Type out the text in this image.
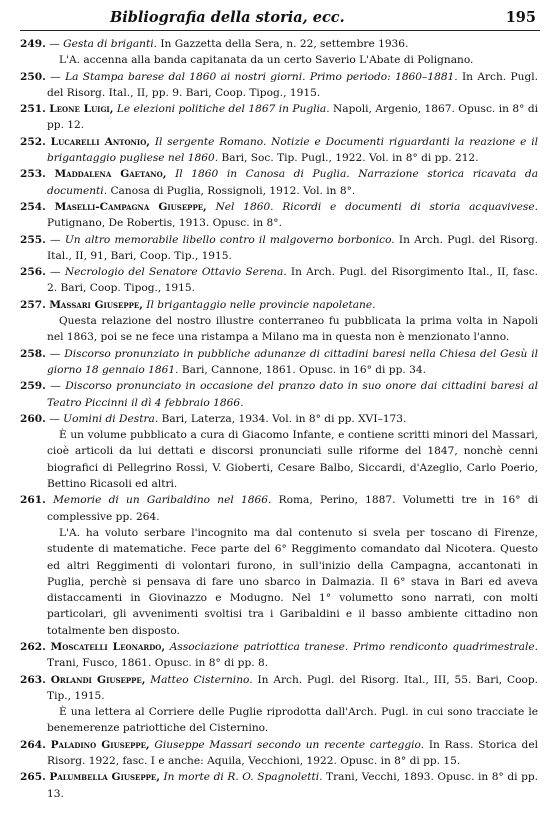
Bibliografia della storia, ecc.	195

249. — Gesta di briganti. In Gazzetta della Sera, n. 22, settembre 1936.

L'A. accenna alla banda capitanata da un certo Saverio L'Abate di Polignano.

250. — La Stampa barese dal 1860 ai nostri giorni. Primo periodo: 1860–1881. In Arch. Pugl. del Risorg. Ital., II, pp. 9. Bari, Coop. Tipog., 1915.

251. Leone Luigi, Le elezioni politiche del 1867 in Puglia. Napoli, Argenio, 1867. Opusc. in 8° di pp. 12.

252. Lucarelli Antonio, Il sergente Romano. Notizie e Documenti riguardanti la reazione e il brigantaggio pugliese nel 1860. Bari, Soc. Tip. Pugl., 1922. Vol. in 8° di pp. 212.

253. Maddalena Gaetano, Il 1860 in Canosa di Puglia. Narrazione storica ricavata da documenti. Canosa di Puglia, Rossignoli, 1912. Vol. in 8°.

254. Maselli-Campagna Giuseppe, Nel 1860. Ricordi e documenti di storia acquavivese. Putignano, De Robertis, 1913. Opusc. in 8°.

255. — Un altro memorabile libello contro il malgoverno borbonico. In Arch. Pugl. del Risorg. Ital., II, 91, Bari, Coop. Tip., 1915.

256. — Necrologio del Senatore Ottavio Serena. In Arch. Pugl. del Risorgimento Ital., II, fasc. 2. Bari, Coop. Tipog., 1915.

257. Massari Giuseppe, Il brigantaggio nelle provincie napoletane.

Questa relazione del nostro illustre conterraneo fu pubblicata la prima volta in Napoli nel 1863, poi se ne fece una ristampa a Milano ma in questa non è menzionato l'anno.

258. — Discorso pronunziato in pubbliche adunanze di cittadini baresi nella Chiesa del Gesù il giorno 18 gennaio 1861. Bari, Cannone, 1861. Opusc. in 16° di pp. 34.

259. — Discorso pronunciato in occasione del pranzo dato in suo onore dai cittadini baresi al Teatro Piccinni il dì 4 febbraio 1866.

260. — Uomini di Destra. Bari, Laterza, 1934. Vol. in 8° di pp. XVI–173.

È un volume pubblicato a cura di Giacomo Infante, e contiene scritti minori del Massari, cioè articoli da lui dettati e discorsi pronunciati sulle riforme del 1847, nonchè cenni biografici di Pellegrino Rossi, V. Gioberti, Cesare Balbo, Siccardi, d'Azeglio, Carlo Poerio, Bettino Ricasoli ed altri.

261. Memorie di un Garibaldino nel 1866. Roma, Perino, 1887. Volumetti tre in 16° di complessive pp. 264.

L'A. ha voluto serbare l'incognito ma dal contenuto si svela per toscano di Firenze, studente di matematiche. Fece parte del 6° Reggimento comandato dal Nicotera. Questo ed altri Reggimenti di volontari furono, in sull'inizio della Campagna, accantonati in Puglia, perchè si pensava di fare uno sbarco in Dalmazia. Il 6° stava in Bari ed aveva distaccamenti in Giovinazzo e Modugno. Nel 1° volumetto sono narrati, con molti particolari, gli avvenimenti svoltisi tra i Garibaldini e il basso ambiente cittadino non totalmente ben disposto.

262. Moscatelli Leonardo, Associazione patriottica tranese. Primo rendiconto quadrimestrale. Trani, Fusco, 1861. Opusc. in 8° di pp. 8.

263. Orlandi Giuseppe, Matteo Cisternino. In Arch. Pugl. del Risorg. Ital., III, 55. Bari, Coop. Tip., 1915.

È una lettera al Corriere delle Puglie riprodotta dall'Arch. Pugl. in cui sono tracciate le benemerenze patriottiche del Cisternino.

264. Paladino Giuseppe, Giuseppe Massari secondo un recente carteggio. In Rass. Storica del Risorg. 1922, fasc. I e anche: Aquila, Vecchioni, 1922. Opusc. in 8° di pp. 15.

265. Palumbella Giuseppe, In morte di R. O. Spagnoletti. Trani, Vecchi, 1893. Opusc. in 8° di pp. 13.
